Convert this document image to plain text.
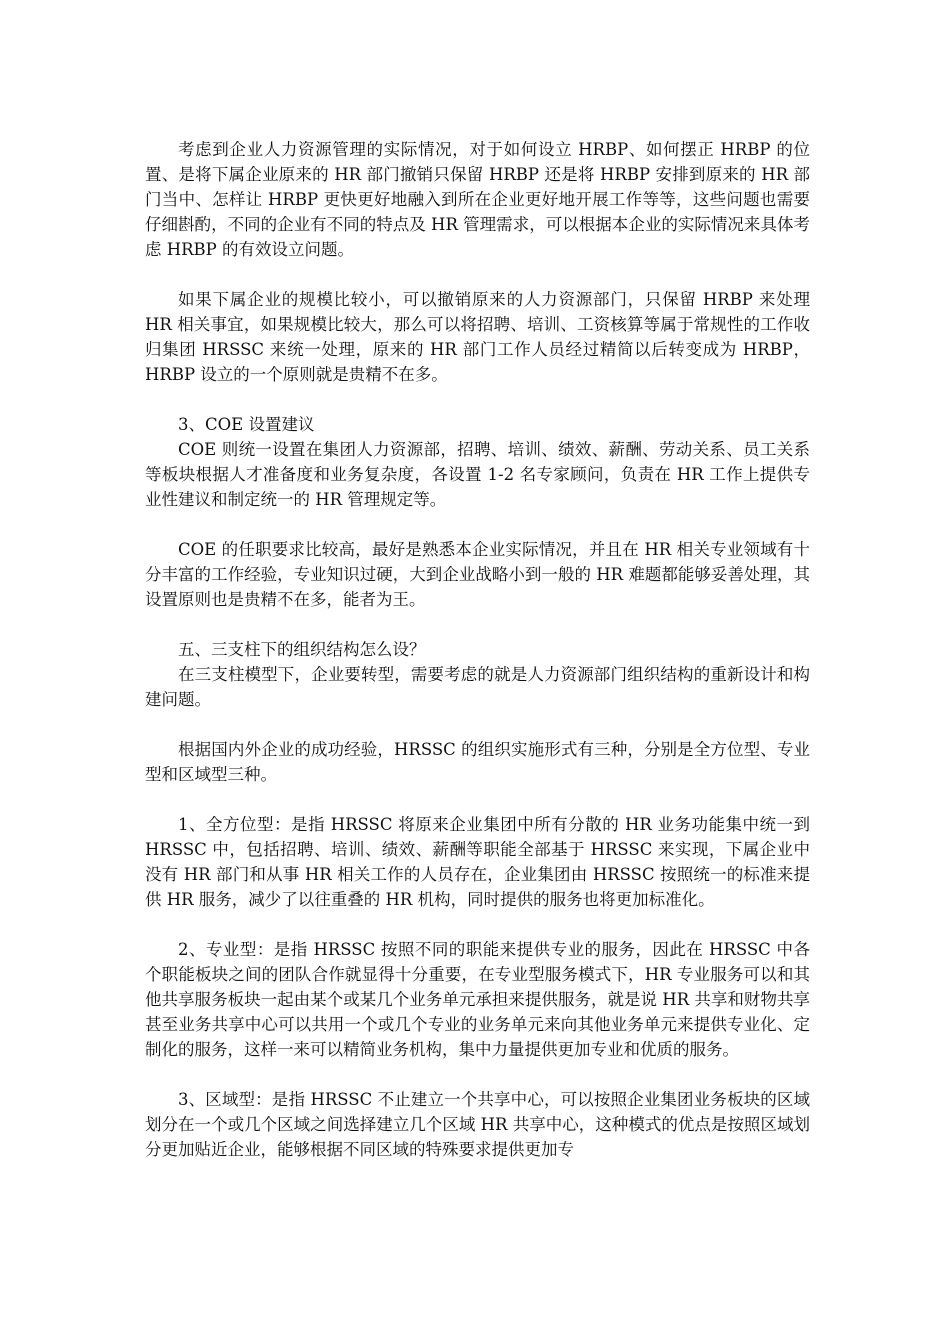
考虑到企业人力资源管理的实际情况，对于如何设立 HRBP、如何摆正 HRBP 的位置、是将下属企业原来的 HR 部门撤销只保留 HRBP 还是将 HRBP 安排到原来的 HR 部门当中、怎样让 HRBP 更快更好地融入到所在企业更好地开展工作等等，这些问题也需要仔细斟酌，不同的企业有不同的特点及 HR 管理需求，可以根据本企业的实际情况来具体考虑 HRBP 的有效设立问题。

如果下属企业的规模比较小，可以撤销原来的人力资源部门，只保留 HRBP 来处理 HR 相关事宜，如果规模比较大，那么可以将招聘、培训、工资核算等属于常规性的工作收归集团 HRSSC 来统一处理，原来的 HR 部门工作人员经过精简以后转变成为 HRBP，HRBP 设立的一个原则就是贵精不在多。

3、COE 设置建议

COE 则统一设置在集团人力资源部，招聘、培训、绩效、薪酬、劳动关系、员工关系等板块根据人才准备度和业务复杂度，各设置 1-2 名专家顾问，负责在 HR 工作上提供专业性建议和制定统一的 HR 管理规定等。

COE 的任职要求比较高，最好是熟悉本企业实际情况，并且在 HR 相关专业领域有十分丰富的工作经验，专业知识过硬，大到企业战略小到一般的 HR 难题都能够妥善处理，其设置原则也是贵精不在多，能者为王。

五、三支柱下的组织结构怎么设？

在三支柱模型下，企业要转型，需要考虑的就是人力资源部门组织结构的重新设计和构建问题。

根据国内外企业的成功经验，HRSSC 的组织实施形式有三种，分别是全方位型、专业型和区域型三种。

1、全方位型：是指 HRSSC 将原来企业集团中所有分散的 HR 业务功能集中统一到 HRSSC 中，包括招聘、培训、绩效、薪酬等职能全部基于 HRSSC 来实现，下属企业中没有 HR 部门和从事 HR 相关工作的人员存在，企业集团由 HRSSC 按照统一的标准来提供 HR 服务，减少了以往重叠的 HR 机构，同时提供的服务也将更加标准化。

2、专业型：是指 HRSSC 按照不同的职能来提供专业的服务，因此在 HRSSC 中各个职能板块之间的团队合作就显得十分重要，在专业型服务模式下，HR 专业服务可以和其他共享服务板块一起由某个或某几个业务单元承担来提供服务，就是说 HR 共享和财物共享甚至业务共享中心可以共用一个或几个专业的业务单元来向其他业务单元来提供专业化、定制化的服务，这样一来可以精简业务机构，集中力量提供更加专业和优质的服务。

3、区域型：是指 HRSSC 不止建立一个共享中心，可以按照企业集团业务板块的区域划分在一个或几个区域之间选择建立几个区域 HR 共享中心，这种模式的优点是按照区域划分更加贴近企业，能够根据不同区域的特殊要求提供更加专
